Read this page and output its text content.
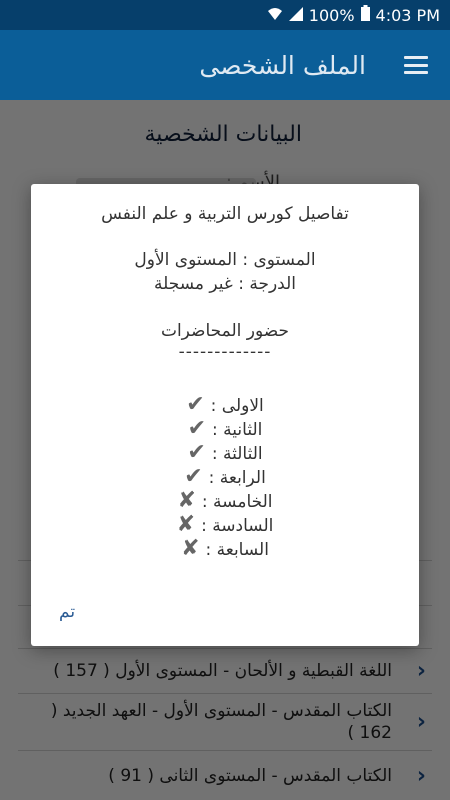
100% 4:03 PM
الملف الشخصى
تفاصيل كورس التربية و علم النفس
المستوى : المستوى الأول
الدرجة : غير مسجلة
حضور المحاضرات
-------------
الاولى :✔
الثانية :✔
الثالثة :✔
الرابعة :✔
الخامسة :✘
السادسة :✘
السابعة :✘
تم
